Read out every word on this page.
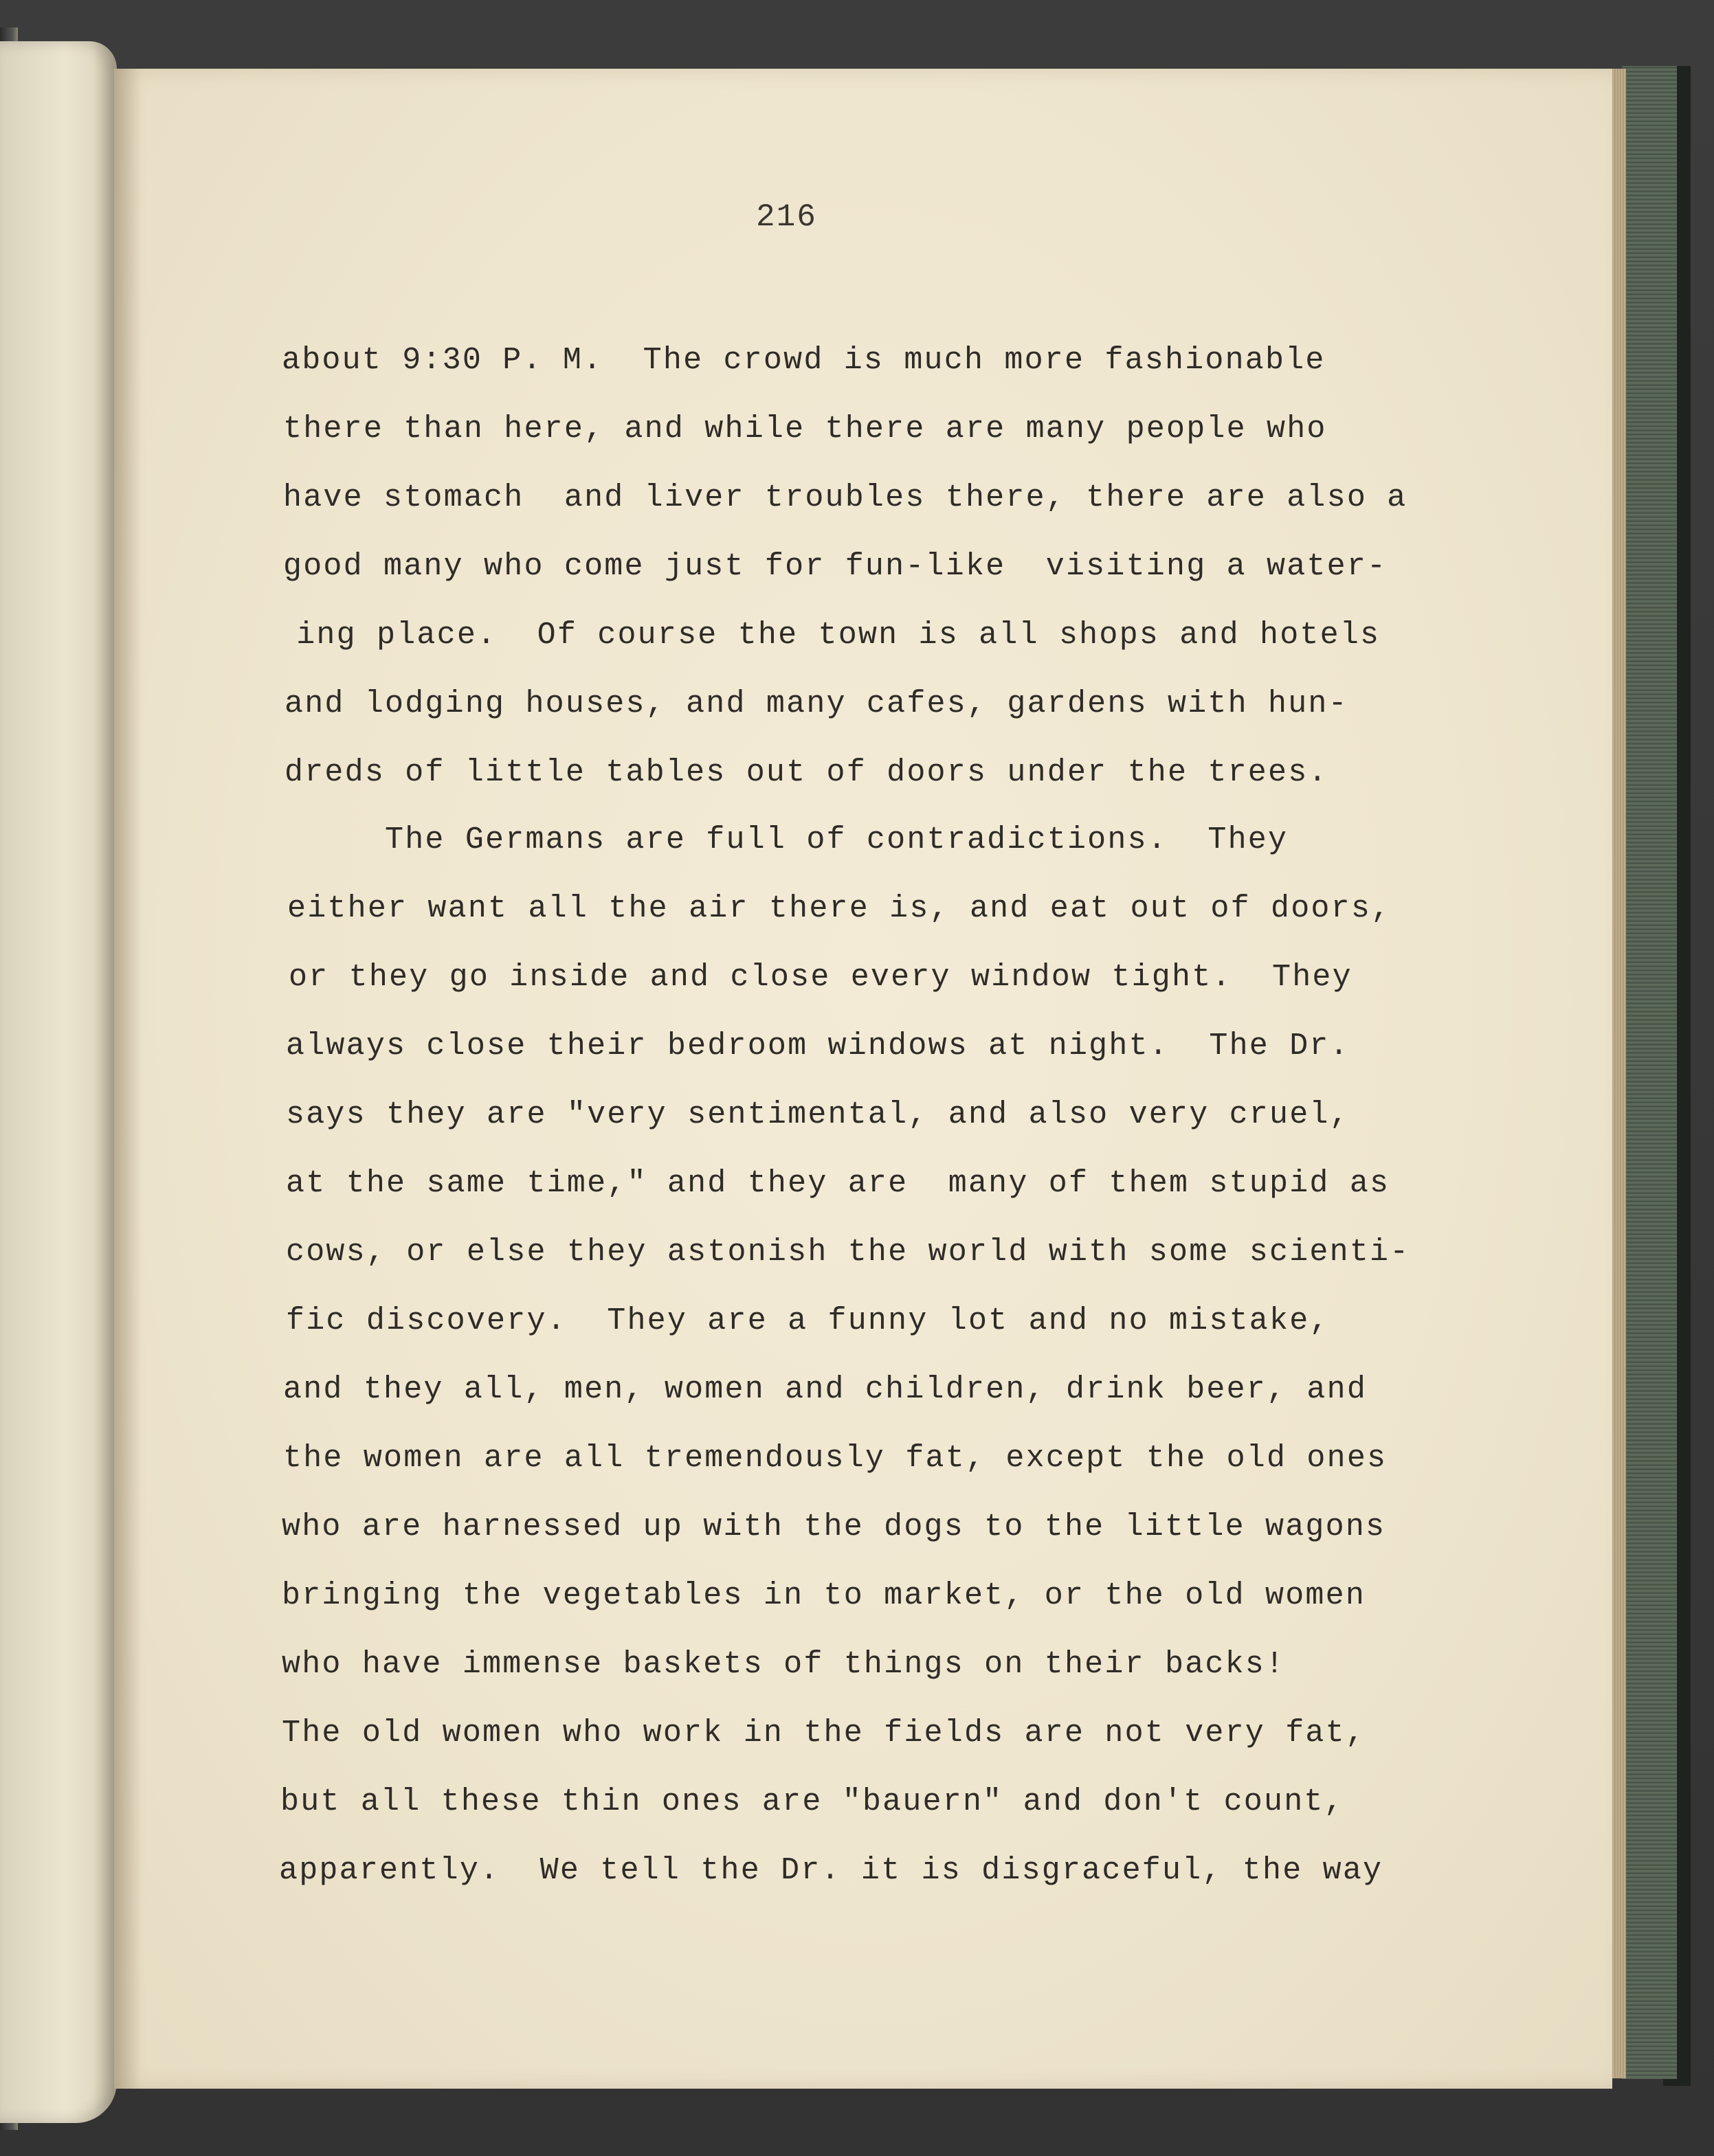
216
about 9:30 P. M.  The crowd is much more fashionable
there than here, and while there are many people who
have stomach  and liver troubles there, there are also a
good many who come just for fun-like  visiting a water-
ing place.  Of course the town is all shops and hotels
and lodging houses, and many cafes, gardens with hun-
dreds of little tables out of doors under the trees.
The Germans are full of contradictions.  They
either want all the air there is, and eat out of doors,
or they go inside and close every window tight.  They
always close their bedroom windows at night.  The Dr.
says they are "very sentimental, and also very cruel,
at the same time," and they are  many of them stupid as
cows, or else they astonish the world with some scienti-
fic discovery.  They are a funny lot and no mistake,
and they all, men, women and children, drink beer, and
the women are all tremendously fat, except the old ones
who are harnessed up with the dogs to the little wagons
bringing the vegetables in to market, or the old women
who have immense baskets of things on their backs!
The old women who work in the fields are not very fat,
but all these thin ones are "bauern" and don't count,
apparently.  We tell the Dr. it is disgraceful, the way
